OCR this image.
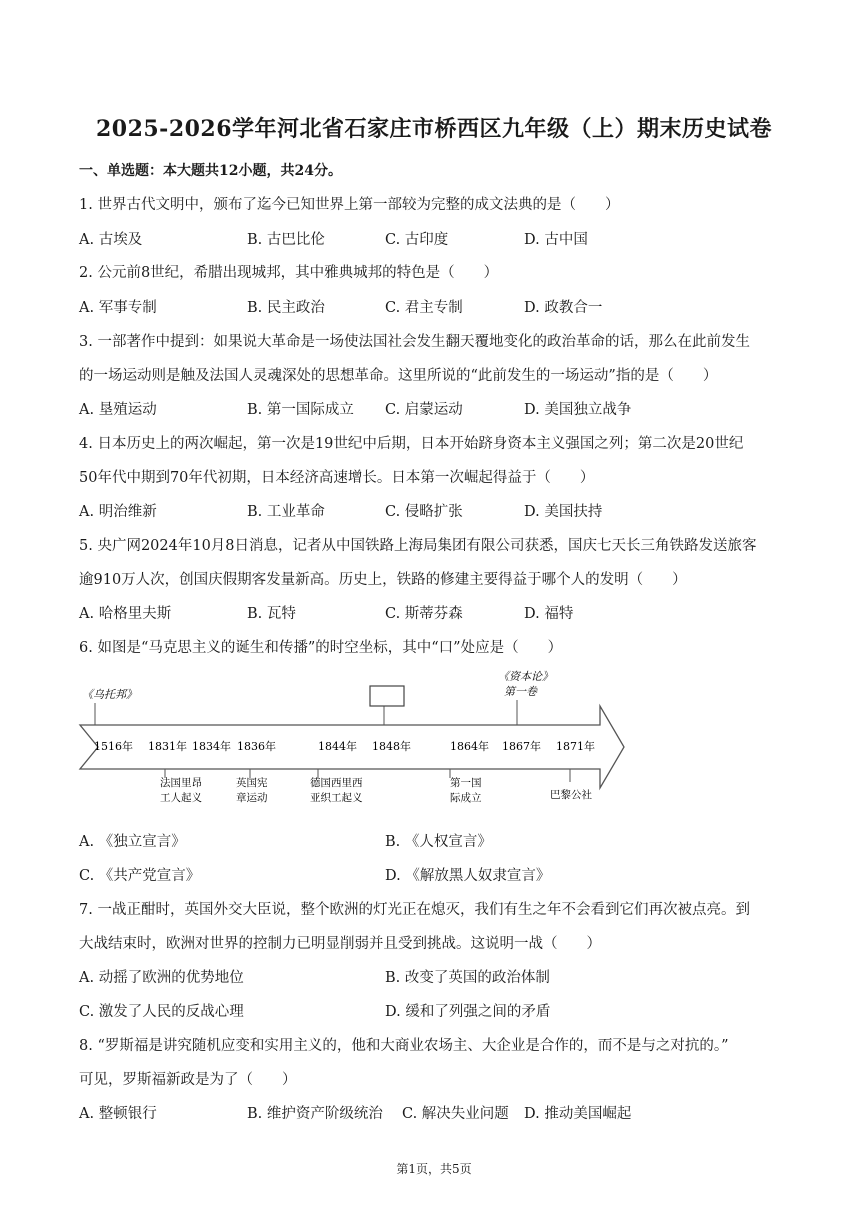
2025-2026学年河北省石家庄市桥西区九年级（上）期末历史试卷
一、单选题：本大题共12小题，共24分。
1. 世界古代文明中，颁布了迄今已知世界上第一部较为完整的成文法典的是（　　）
A. 古埃及	B. 古巴比伦	C. 古印度	D. 古中国
2. 公元前8世纪，希腊出现城邦，其中雅典城邦的特色是（　　）
A. 军事专制	B. 民主政治	C. 君主专制	D. 政教合一
3. 一部著作中提到：如果说大革命是一场使法国社会发生翻天覆地变化的政治革命的话，那么在此前发生
的一场运动则是触及法国人灵魂深处的思想革命。这里所说的“此前发生的一场运动”指的是（　　）
A. 垦殖运动	B. 第一国际成立 C. 启蒙运动	D. 美国独立战争
4. 日本历史上的两次崛起，第一次是19世纪中后期，日本开始跻身资本主义强国之列；第二次是20世纪
50年代中期到70年代初期，日本经济高速增长。日本第一次崛起得益于（　　）
A. 明治维新	B. 工业革命	C. 侵略扩张	D. 美国扶持
5. 央广网2024年10月8日消息，记者从中国铁路上海局集团有限公司获悉，国庆七天长三角铁路发送旅客
逾910万人次，创国庆假期客发量新高。历史上，铁路的修建主要得益于哪个人的发明（　　）
A. 哈格里夫斯	B. 瓦特	C. 斯蒂芬森	D. 福特
6. 如图是“马克思主义的诞生和传播”的时空坐标，其中“口”处应是（　　）
1516年 1831年 1834年 1836年	1844年 1848年	1864年 1867年 1871年
《乌托邦》
《资本论》
第一卷
法国里昂
工人起义
英国宪
章运动
德国西里西
亚织工起义
第一国
际成立	巴黎公社
A. 《独立宣言》	B. 《人权宣言》
C. 《共产党宣言》	D. 《解放黑人奴隶宣言》
7. 一战正酣时，英国外交大臣说，整个欧洲的灯光正在熄灭，我们有生之年不会看到它们再次被点亮。到
大战结束时，欧洲对世界的控制力已明显削弱并且受到挑战。这说明一战（　　）
A. 动摇了欧洲的优势地位	B. 改变了英国的政治体制
C. 激发了人民的反战心理	D. 缓和了列强之间的矛盾
8. “罗斯福是讲究随机应变和实用主义的，他和大商业农场主、大企业是合作的，而不是与之对抗的。”
可见，罗斯福新政是为了（　　）
A. 整顿银行	B. 维护资产阶级统治 C. 解决失业问题 D. 推动美国崛起
第1页，共5页
